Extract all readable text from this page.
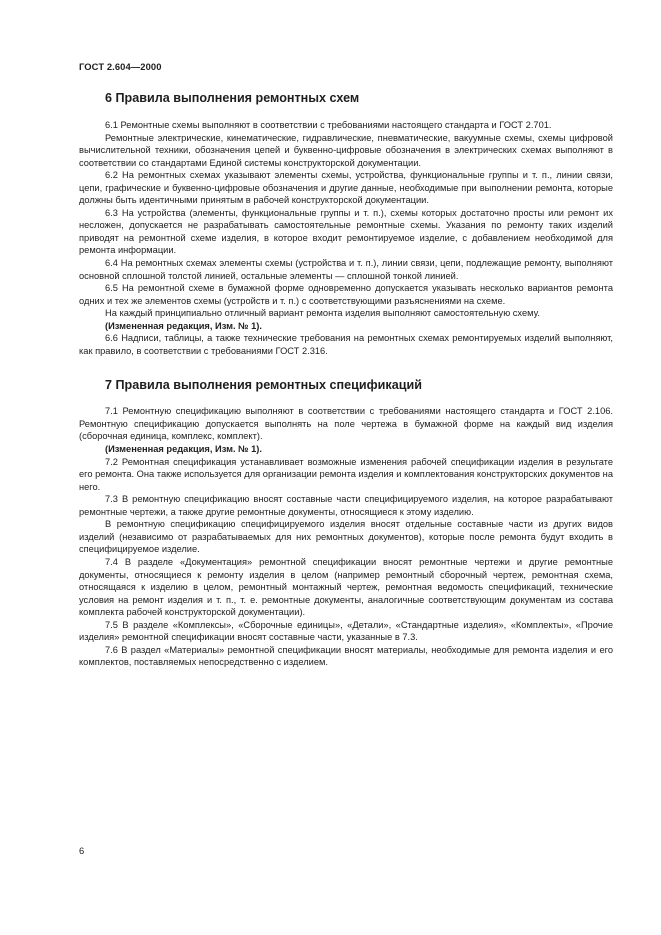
ГОСТ 2.604—2000
6 Правила выполнения ремонтных схем

6.1 Ремонтные схемы выполняют в соответствии с требованиями настоящего стандарта и ГОСТ 2.701.

Ремонтные электрические, кинематические, гидравлические, пневматические, вакуумные схемы, схемы цифровой вычислительной техники, обозначения цепей и буквенно-цифровые обозначения в электрических схемах выполняют в соответствии со стандартами Единой системы конструкторской документации.

6.2 На ремонтных схемах указывают элементы схемы, устройства, функциональные группы и т. п., линии связи, цепи, графические и буквенно-цифровые обозначения и другие данные, необходимые при выполнении ремонта, которые должны быть идентичными принятым в рабочей конструкторской документации.

6.3 На устройства (элементы, функциональные группы и т. п.), схемы которых достаточно просты или ремонт их несложен, допускается не разрабатывать самостоятельные ремонтные схемы. Указания по ремонту таких изделий приводят на ремонтной схеме изделия, в которое входит ремонтируемое изделие, с добавлением необходимой для ремонта информации.

6.4 На ремонтных схемах элементы схемы (устройства и т. п.), линии связи, цепи, подлежащие ремонту, выполняют основной сплошной толстой линией, остальные элементы — сплошной тонкой линией.

6.5 На ремонтной схеме в бумажной форме одновременно допускается указывать несколько вариантов ремонта одних и тех же элементов схемы (устройств и т. п.) с соответствующими разъяснениями на схеме.

На каждый принципиально отличный вариант ремонта изделия выполняют самостоятельную схему.

(Измененная редакция, Изм. № 1).

6.6 Надписи, таблицы, а также технические требования на ремонтных схемах ремонтируемых изделий выполняют, как правило, в соответствии с требованиями ГОСТ 2.316.

7 Правила выполнения ремонтных спецификаций

7.1 Ремонтную спецификацию выполняют в соответствии с требованиями настоящего стандарта и ГОСТ 2.106. Ремонтную спецификацию допускается выполнять на поле чертежа в бумажной форме на каждый вид изделия (сборочная единица, комплекс, комплект).

(Измененная редакция, Изм. № 1).

7.2 Ремонтная спецификация устанавливает возможные изменения рабочей спецификации изделия в результате его ремонта. Она также используется для организации ремонта изделия и комплектования конструкторских документов на него.

7.3 В ремонтную спецификацию вносят составные части специфицируемого изделия, на которое разрабатывают ремонтные чертежи, а также другие ремонтные документы, относящиеся к этому изделию.

В ремонтную спецификацию специфицируемого изделия вносят отдельные составные части из других видов изделий (независимо от разрабатываемых для них ремонтных документов), которые после ремонта будут входить в специфицируемое изделие.

7.4 В разделе «Документация» ремонтной спецификации вносят ремонтные чертежи и другие ремонтные документы, относящиеся к ремонту изделия в целом (например ремонтный сборочный чертеж, ремонтная схема, относящаяся к изделию в целом, ремонтный монтажный чертеж, ремонтная ведомость спецификаций, технические условия на ремонт изделия и т. п., т. е. ремонтные документы, аналогичные соответствующим документам из состава комплекта рабочей конструкторской документации).

7.5 В разделе «Комплексы», «Сборочные единицы», «Детали», «Стандартные изделия», «Комплекты», «Прочие изделия» ремонтной спецификации вносят составные части, указанные в 7.3.

7.6 В раздел «Материалы» ремонтной спецификации вносят материалы, необходимые для ремонта изделия и его комплектов, поставляемых непосредственно с изделием.

6
